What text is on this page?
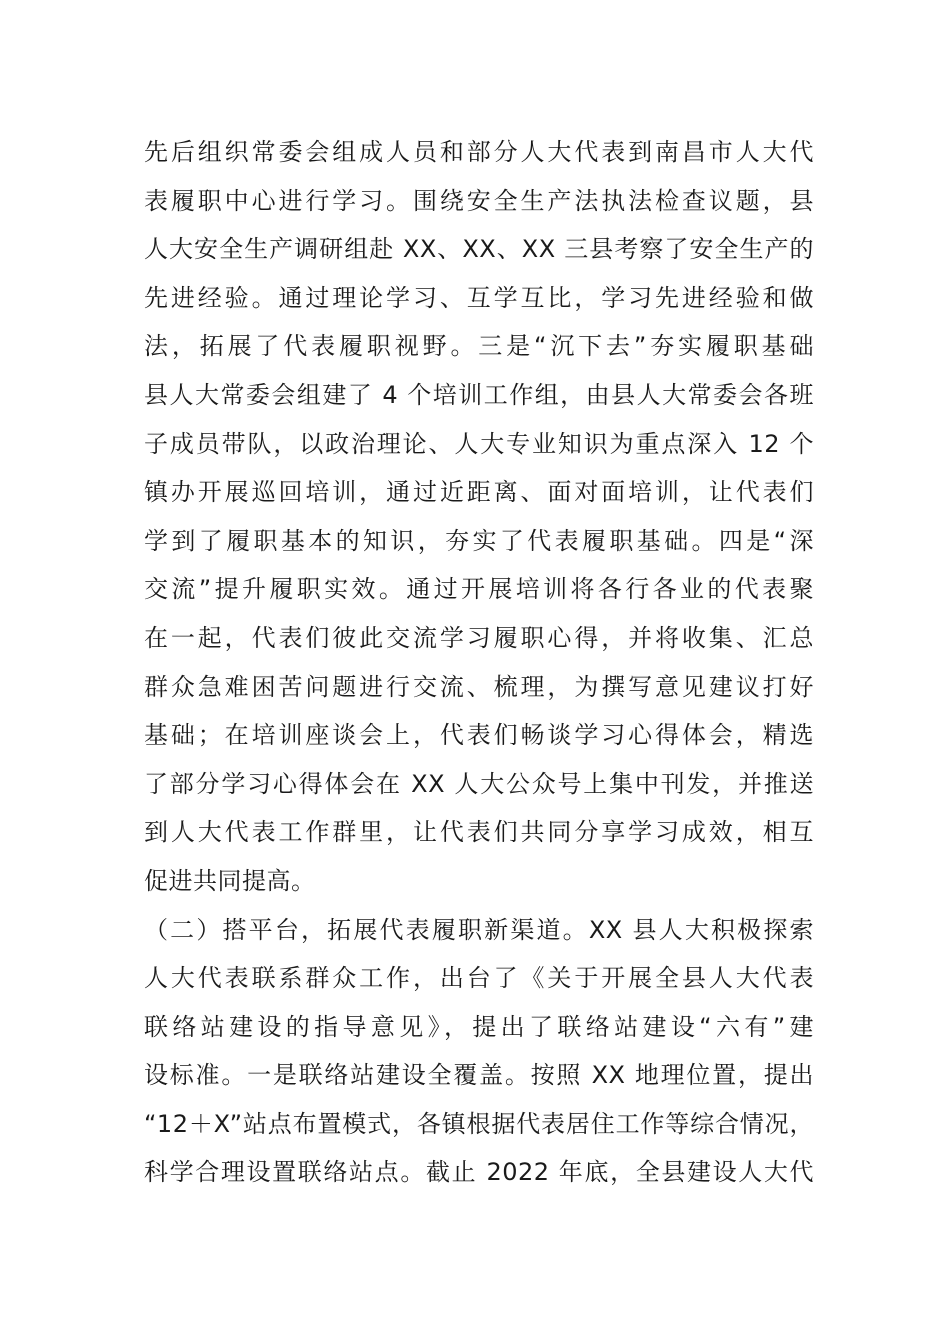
先后组织常委会组成人员和部分人大代表到南昌市人大代
表履职中心进行学习。围绕安全生产法执法检查议题，县
人大安全生产调研组赴 XX、XX、XX 三县考察了安全生产的
先进经验。通过理论学习、互学互比，学习先进经验和做
法，拓展了代表履职视野。三是“沉下去”夯实履职基础
县人大常委会组建了 4 个培训工作组，由县人大常委会各班
子成员带队，以政治理论、人大专业知识为重点深入 12 个
镇办开展巡回培训，通过近距离、面对面培训，让代表们
学到了履职基本的知识，夯实了代表履职基础。四是“深
交流”提升履职实效。通过开展培训将各行各业的代表聚
在一起，代表们彼此交流学习履职心得，并将收集、汇总
群众急难困苦问题进行交流、梳理，为撰写意见建议打好
基础；在培训座谈会上，代表们畅谈学习心得体会，精选
了部分学习心得体会在 XX 人大公众号上集中刊发，并推送
到人大代表工作群里，让代表们共同分享学习成效，相互
促进共同提高。
（二）搭平台，拓展代表履职新渠道。XX 县人大积极探索
人大代表联系群众工作，出台了《关于开展全县人大代表
联络站建设的指导意见》，提出了联络站建设“六有”建
设标准。一是联络站建设全覆盖。按照 XX 地理位置，提出
“12＋X”站点布置模式，各镇根据代表居住工作等综合情况，
科学合理设置联络站点。截止 2022 年底，全县建设人大代
